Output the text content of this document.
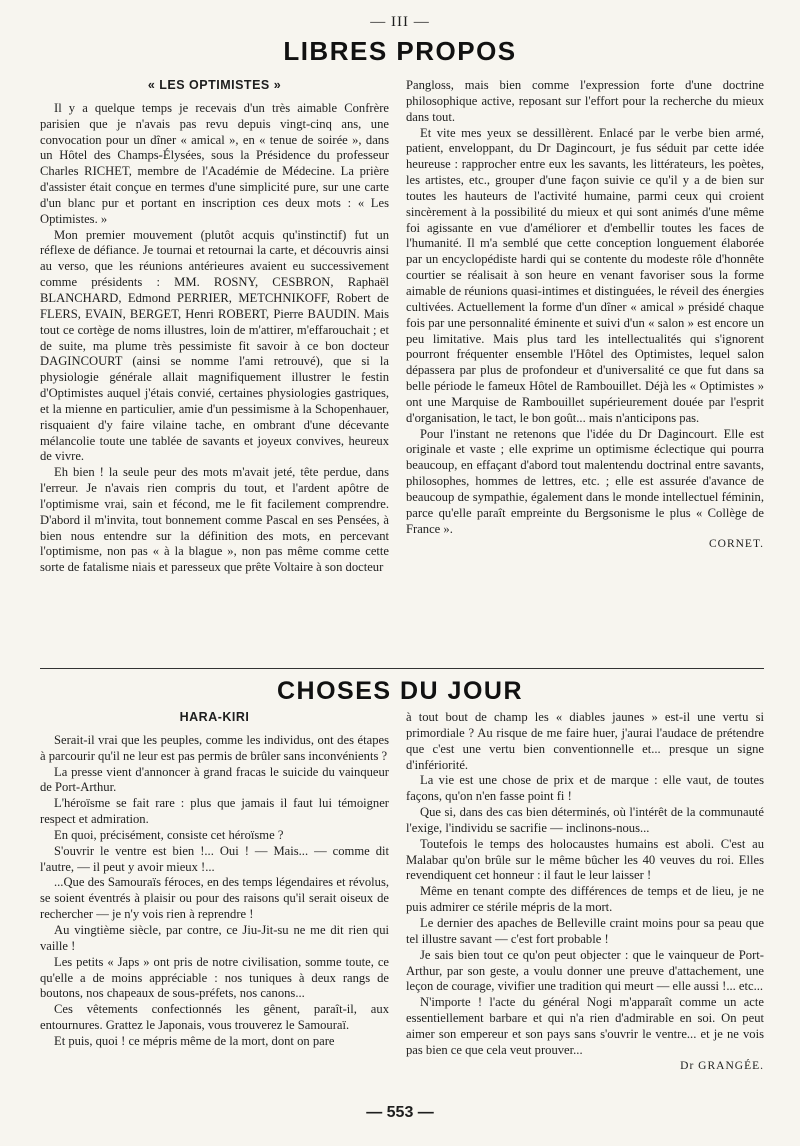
— III —
LIBRES PROPOS
« LES OPTIMISTES »

Il y a quelque temps je recevais d'un très aimable Confrère parisien que je n'avais pas revu depuis vingt-cinq ans, une convocation pour un dîner « amical », en « tenue de soirée », dans un Hôtel des Champs-Élysées, sous la Présidence du professeur Charles RICHET, membre de l'Académie de Médecine. La prière d'assister était conçue en termes d'une simplicité pure, sur une carte d'un blanc pur et portant en inscription ces deux mots : « Les Optimistes. »

Mon premier mouvement (plutôt acquis qu'instinctif) fut un réflexe de défiance. Je tournai et retournai la carte, et découvris ainsi au verso, que les réunions antérieures avaient eu successivement comme présidents : MM. ROSNY, CESBRON, Raphaël BLANCHARD, Edmond PERRIER, METCHNIKOFF, Robert de FLERS, EVAIN, BERGET, Henri ROBERT, Pierre BAUDIN. Mais tout ce cortège de noms illustres, loin de m'attirer, m'effarouchait ; et de suite, ma plume très pessimiste fit savoir à ce bon docteur DAGINCOURT (ainsi se nomme l'ami retrouvé), que si la physiologie générale allait magnifiquement illustrer le festin d'Optimistes auquel j'étais convié, certaines physiologies gastriques, et la mienne en particulier, amie d'un pessimisme à la Schopenhauer, risquaient d'y faire vilaine tache, en ombrant d'une décevante mélancolie toute une tablée de savants et joyeux convives, heureux de vivre.

Eh bien ! la seule peur des mots m'avait jeté, tête perdue, dans l'erreur. Je n'avais rien compris du tout, et l'ardent apôtre de l'optimisme vrai, sain et fécond, me le fit facilement comprendre. D'abord il m'invita, tout bonnement comme Pascal en ses Pensées, à bien nous entendre sur la définition des mots, en percevant l'optimisme, non pas « à la blague », non pas même comme cette sorte de fatalisme niais et paresseux que prête Voltaire à son docteur

Pangloss, mais bien comme l'expression forte d'une doctrine philosophique active, reposant sur l'effort pour la recherche du mieux dans tout.

Et vite mes yeux se dessillèrent. Enlacé par le verbe bien armé, patient, enveloppant, du Dr Dagincourt, je fus séduit par cette idée heureuse : rapprocher entre eux les savants, les littérateurs, les poètes, les artistes, etc., grouper d'une façon suivie ce qu'il y a de bien sur toutes les hauteurs de l'activité humaine, parmi ceux qui croient sincèrement à la possibilité du mieux et qui sont animés d'une même foi agissante en vue d'améliorer et d'embellir toutes les faces de l'humanité. Il m'a semblé que cette conception longuement élaborée par un encyclopédiste hardi qui se contente du modeste rôle d'honnête courtier se réalisait à son heure en venant favoriser sous la forme aimable de réunions quasi-intimes et distinguées, le réveil des énergies cultivées. Actuellement la forme d'un dîner « amical » présidé chaque fois par une personnalité éminente et suivi d'un « salon » est encore un peu limitative. Mais plus tard les intellectualités qui s'ignorent pourront fréquenter ensemble l'Hôtel des Optimistes, lequel salon dépassera par plus de profondeur et d'universalité ce que fut dans sa belle période le fameux Hôtel de Rambouillet. Déjà les « Optimistes » ont une Marquise de Rambouillet supérieurement douée par l'esprit d'organisation, le tact, le bon goût... mais n'anticipons pas.

Pour l'instant ne retenons que l'idée du Dr Dagincourt. Elle est originale et vaste ; elle exprime un optimisme éclectique qui pourra beaucoup, en effaçant d'abord tout malentendu doctrinal entre savants, philosophes, hommes de lettres, etc. ; elle est assurée d'avance de beaucoup de sympathie, également dans le monde intellectuel féminin, parce qu'elle paraît empreinte du Bergsonisme le plus « Collège de France ».

CORNET.

CHOSES DU JOUR
HARA-KIRI

Serait-il vrai que les peuples, comme les individus, ont des étapes à parcourir qu'il ne leur est pas permis de brûler sans inconvénients ?

La presse vient d'annoncer à grand fracas le suicide du vainqueur de Port-Arthur.

L'héroïsme se fait rare : plus que jamais il faut lui témoigner respect et admiration.

En quoi, précisément, consiste cet héroïsme ?

S'ouvrir le ventre est bien !... Oui ! — Mais... — comme dit l'autre, — il peut y avoir mieux !...

...Que des Samouraïs féroces, en des temps légendaires et révolus, se soient éventrés à plaisir ou pour des raisons qu'il serait oiseux de rechercher — je n'y vois rien à reprendre !

Au vingtième siècle, par contre, ce Jiu-Jit-su ne me dit rien qui vaille !

Les petits « Japs » ont pris de notre civilisation, somme toute, ce qu'elle a de moins appréciable : nos tuniques à deux rangs de boutons, nos chapeaux de sous-préfets, nos canons...

Ces vêtements confectionnés les gênent, paraît-il, aux entournures. Grattez le Japonais, vous trouverez le Samouraï.

Et puis, quoi ! ce mépris même de la mort, dont on pare

à tout bout de champ les « diables jaunes » est-il une vertu si primordiale ? Au risque de me faire huer, j'aurai l'audace de prétendre que c'est une vertu bien conventionnelle et... presque un signe d'infériorité.

La vie est une chose de prix et de marque : elle vaut, de toutes façons, qu'on n'en fasse point fi !

Que si, dans des cas bien déterminés, où l'intérêt de la communauté l'exige, l'individu se sacrifie — inclinons-nous...

Toutefois le temps des holocaustes humains est aboli. C'est au Malabar qu'on brûle sur le même bûcher les 40 veuves du roi. Elles revendiquent cet honneur : il faut le leur laisser !

Même en tenant compte des différences de temps et de lieu, je ne puis admirer ce stérile mépris de la mort.

Le dernier des apaches de Belleville craint moins pour sa peau que tel illustre savant — c'est fort probable !

Je sais bien tout ce qu'on peut objecter : que le vainqueur de Port-Arthur, par son geste, a voulu donner une preuve d'attachement, une leçon de courage, vivifier une tradition qui meurt — elle aussi !... etc...

N'importe ! l'acte du général Nogi m'apparaît comme un acte essentiellement barbare et qui n'a rien d'admirable en soi. On peut aimer son empereur et son pays sans s'ouvrir le ventre... et je ne vois pas bien ce que cela veut prouver...

Dr GRANGÉE.

— 553 —
